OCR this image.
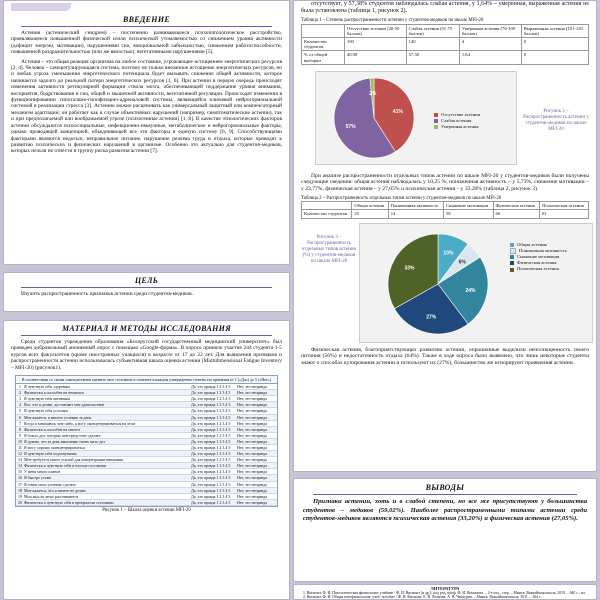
ВВЕДЕНИЕ

Астения (астенический синдром) – постепенно развивающееся психопатологическое расстройство, проявляющееся повышенной физической и/или психической утомляемостью со снижением уровня активности (дефицит энергии, мотивации), нарушениями сна, эмоциональной лабильностью, снижением работоспособности, повышенной раздражительностью (или же вялостью), вегетативными нарушениями [5].

Астения – это общая реакция организма на любое состояние, угрожающее истощением энергетических ресурсов [2, 4]. Человек – саморегулирующаяся система, поэтому не только внезапное истощение энергетических ресурсов, но и любая угроза уменьшения энергетического потенциала будет вызывать снижение общей активности, которое начинается задолго до реальной потери энергетических ресурсов [1, 6]. При астении в первую очередь происходят изменения активности ретикулярной формации ствола мозга, обеспечивающей поддержание уровня внимания, восприятия, бодрствования и сна, общей и мышечной активности, вегетативной регуляции. Происходят изменения в функционировании гипоталамо-гипофизарно-адреналовой системы, являющейся ключевой нейрогормональной системой в реализации стресса [3]. Астению можно расценивать как универсальный защитный или компенсаторный механизм адаптации; он работает как в случае объективных нарушений (например, симптоматические астении), так и при предполагаемой или воображаемой угрозе (психогенные астении) [1, 8]. В качестве этиологических факторов астении обсуждаются психосоциальные, инфекционно-иммунные, метаболические и нейрогормональные факторы, однако проводящей концепцией, объединяющей все эти факторы в единую систему [6, 9]. Способствующими факторами являются недосып, неправильное питание, нарушение режима труда и отдыха, которые приводят к развитию психических и физических нарушений в организме. Особенно это актуально для студентов-медиков, которых нельзя не отнести в группу риска развития астении [7].

ЦЕЛЬ

Изучить распространенность признаков астении среди студентов-медиков.

МАТЕРИАЛ И МЕТОДЫ ИССЛЕДОВАНИЯ

Среди студентов учреждения образования «Белорусский государственный медицинский университет» был проведен добровольный анонимный опрос с помощью «Google-форма». В опросе приняло участие 244 студента 1-5 курсов всех факультетов (кроме иностранных учащихся) в возрасте от 17 до 22 лет. Для выявления признаков и распространенности астении использовалась субъективная шкала оценки астении (Multidimensional Fatigue Inventory – MFI-20) (рисунок1).

В соответствии со своим самочувствием оцените свое состояние и отметьте в каждом утверждении степень его принятия от 1 («Да») до 5 («Нет»)
1 Я чувствую себя здоровым	Да, это правда 1 2 3 4 5	Нет, это неправда
2 Физически я способен на немногое	Да, это правда 1 2 3 4 5	Нет, это неправда
3 Я чувствую себя активным	Да, это правда 1 2 3 4 5	Нет, это неправда
4 Все, что я делаю, доставляет мне удовольствие	Да, это правда 1 2 3 4 5	Нет, это неправда
5 Я чувствую себя усталым	Да, это правда 1 2 3 4 5	Нет, это неправда
6 Мне кажется, я многое успеваю за день	Да, это правда 1 2 3 4 5	Нет, это неправда
7 Когда я занимаюсь чем-либо, я могу сконцентрироваться на этом	Да, это правда 1 2 3 4 5	Нет, это неправда
8 Физически я способен на многое	Да, это правда 1 2 3 4 5	Нет, это неправда
9 Я боюсь дел, которые мне предстоит сделать	Да, это правда 1 2 3 4 5	Нет, это неправда
10 Я думаю, что за день выполняю очень мало дел	Да, это правда 1 2 3 4 5	Нет, это неправда
11 Я могу хорошо сконцентрироваться	Да, это правда 1 2 3 4 5	Нет, это неправда
12 Я чувствую себя отдохнувшим	Да, это правда 1 2 3 4 5	Нет, это неправда
13 Мне требуется много усилий для концентрации внимания	Да, это правда 1 2 3 4 5	Нет, это неправда
14 Физически я чувствую себя в плохом состоянии	Да, это правда 1 2 3 4 5	Нет, это неправда
15 У меня много планов	Да, это правда 1 2 3 4 5	Нет, это неправда
16 Я быстро устаю	Да, это правда 1 2 3 4 5	Нет, это неправда
17 Я очень мало успеваю сделать	Да, это правда 1 2 3 4 5	Нет, это неправда
18 Мне кажется, что я ничего не делаю	Да, это правда 1 2 3 4 5	Нет, это неправда
19 Мои мысли легко рассеиваются	Да, это правда 1 2 3 4 5	Нет, это неправда
20 Физически я чувствую себя в прекрасном состоянии	Да, это правда 1 2 3 4 5	Нет, это неправда
Рисунок 1 – Шкала оценки астении MFI-20

отсутствует, у 57,38% студентов наблюдалась слабая астения, у 1,64% – умеренная, выраженная астения не была установлена (таблица 1, рисунок 2).

Таблица 1 – Степень распространенности астении у студентов-медиков по шкале MFI-20
	Отсутствие астении (20-50 баллов)	Слабая астения (51-75 баллов)	Умеренная астения (76-100 баллов)	Выраженная астения (101-120 баллов)
Количество студентов	100	140	4	0
% от общей выборки	40,98	57,38	1,64	0
41%
57%
2%
Отсутствие астении
Слабая астения
Умеренная астения
Рисунок 2 – Распространенность астении у студентов-медиков по шкале MFI-20

При анализе распространенности отдельных типов астении по шкале MFI-20 у студентов-медиков были получены следующие сведения: общая астения наблюдалась у 10,25 %, пониженная активность – у 5,73%, снижение мотивации – у 23,77%, физическая астения – у 27,05% и психическая астения – у 33,20% (таблица 2, рисунок 3).

Таблица 2 – Распространенность отдельных типов астении у студентов-медиков по шкале MFI-20
	Общая астения	Пониженная активность	Снижение мотивации	Физическая астения	Психическая астения
Количество студентов	25	14	58	66	81
Рисунок 3 – Распространенность отдельных типов астении (%) у студентов-медиков по шкале MFI-20
10%
6%
24%
27%
33%
Общая астения
Пониженная активность
Снижение мотивации
Физическая астения
Психическая астения

Физическая астения, благоприятствующих развитию астении, опрошенные выделили неполноценность своего питания (56%) и недостаточность отдыха (64%). Также в ходе опроса было выявлено, что лишь некоторые студенты знают о способах купирования астении и используют их (27%), большинство же игнорируют проявления астении.

ВЫВОДЫ

Признаки астении, хоть и в слабой степени, но все же присутствуют у большинства студентов – медиков (59,02%). Наиболее распространенными типами астении среди студентов-медиков являются психическая астения (33,20%) и физическая астения (27,05%).

ЛИТЕРАТУРА
1. Висмонт, Ф. И. Патологическая физиология: учебник / Ф. И. Висмонт [и др.]; под ред. проф. Ф. И. Висмонта. – 2-е изд., стер. – Минск: Вышэйшая школа, 2019. – 640 с.: ил.
2. Висмонт, Ф. И. Общая патофизиология: учеб. пособие / Ф. И. Висмонт, Е. В. Леонова, А. В. Чантурия. – Минск: Вышэйшая школа, 2011. – 364 с.
